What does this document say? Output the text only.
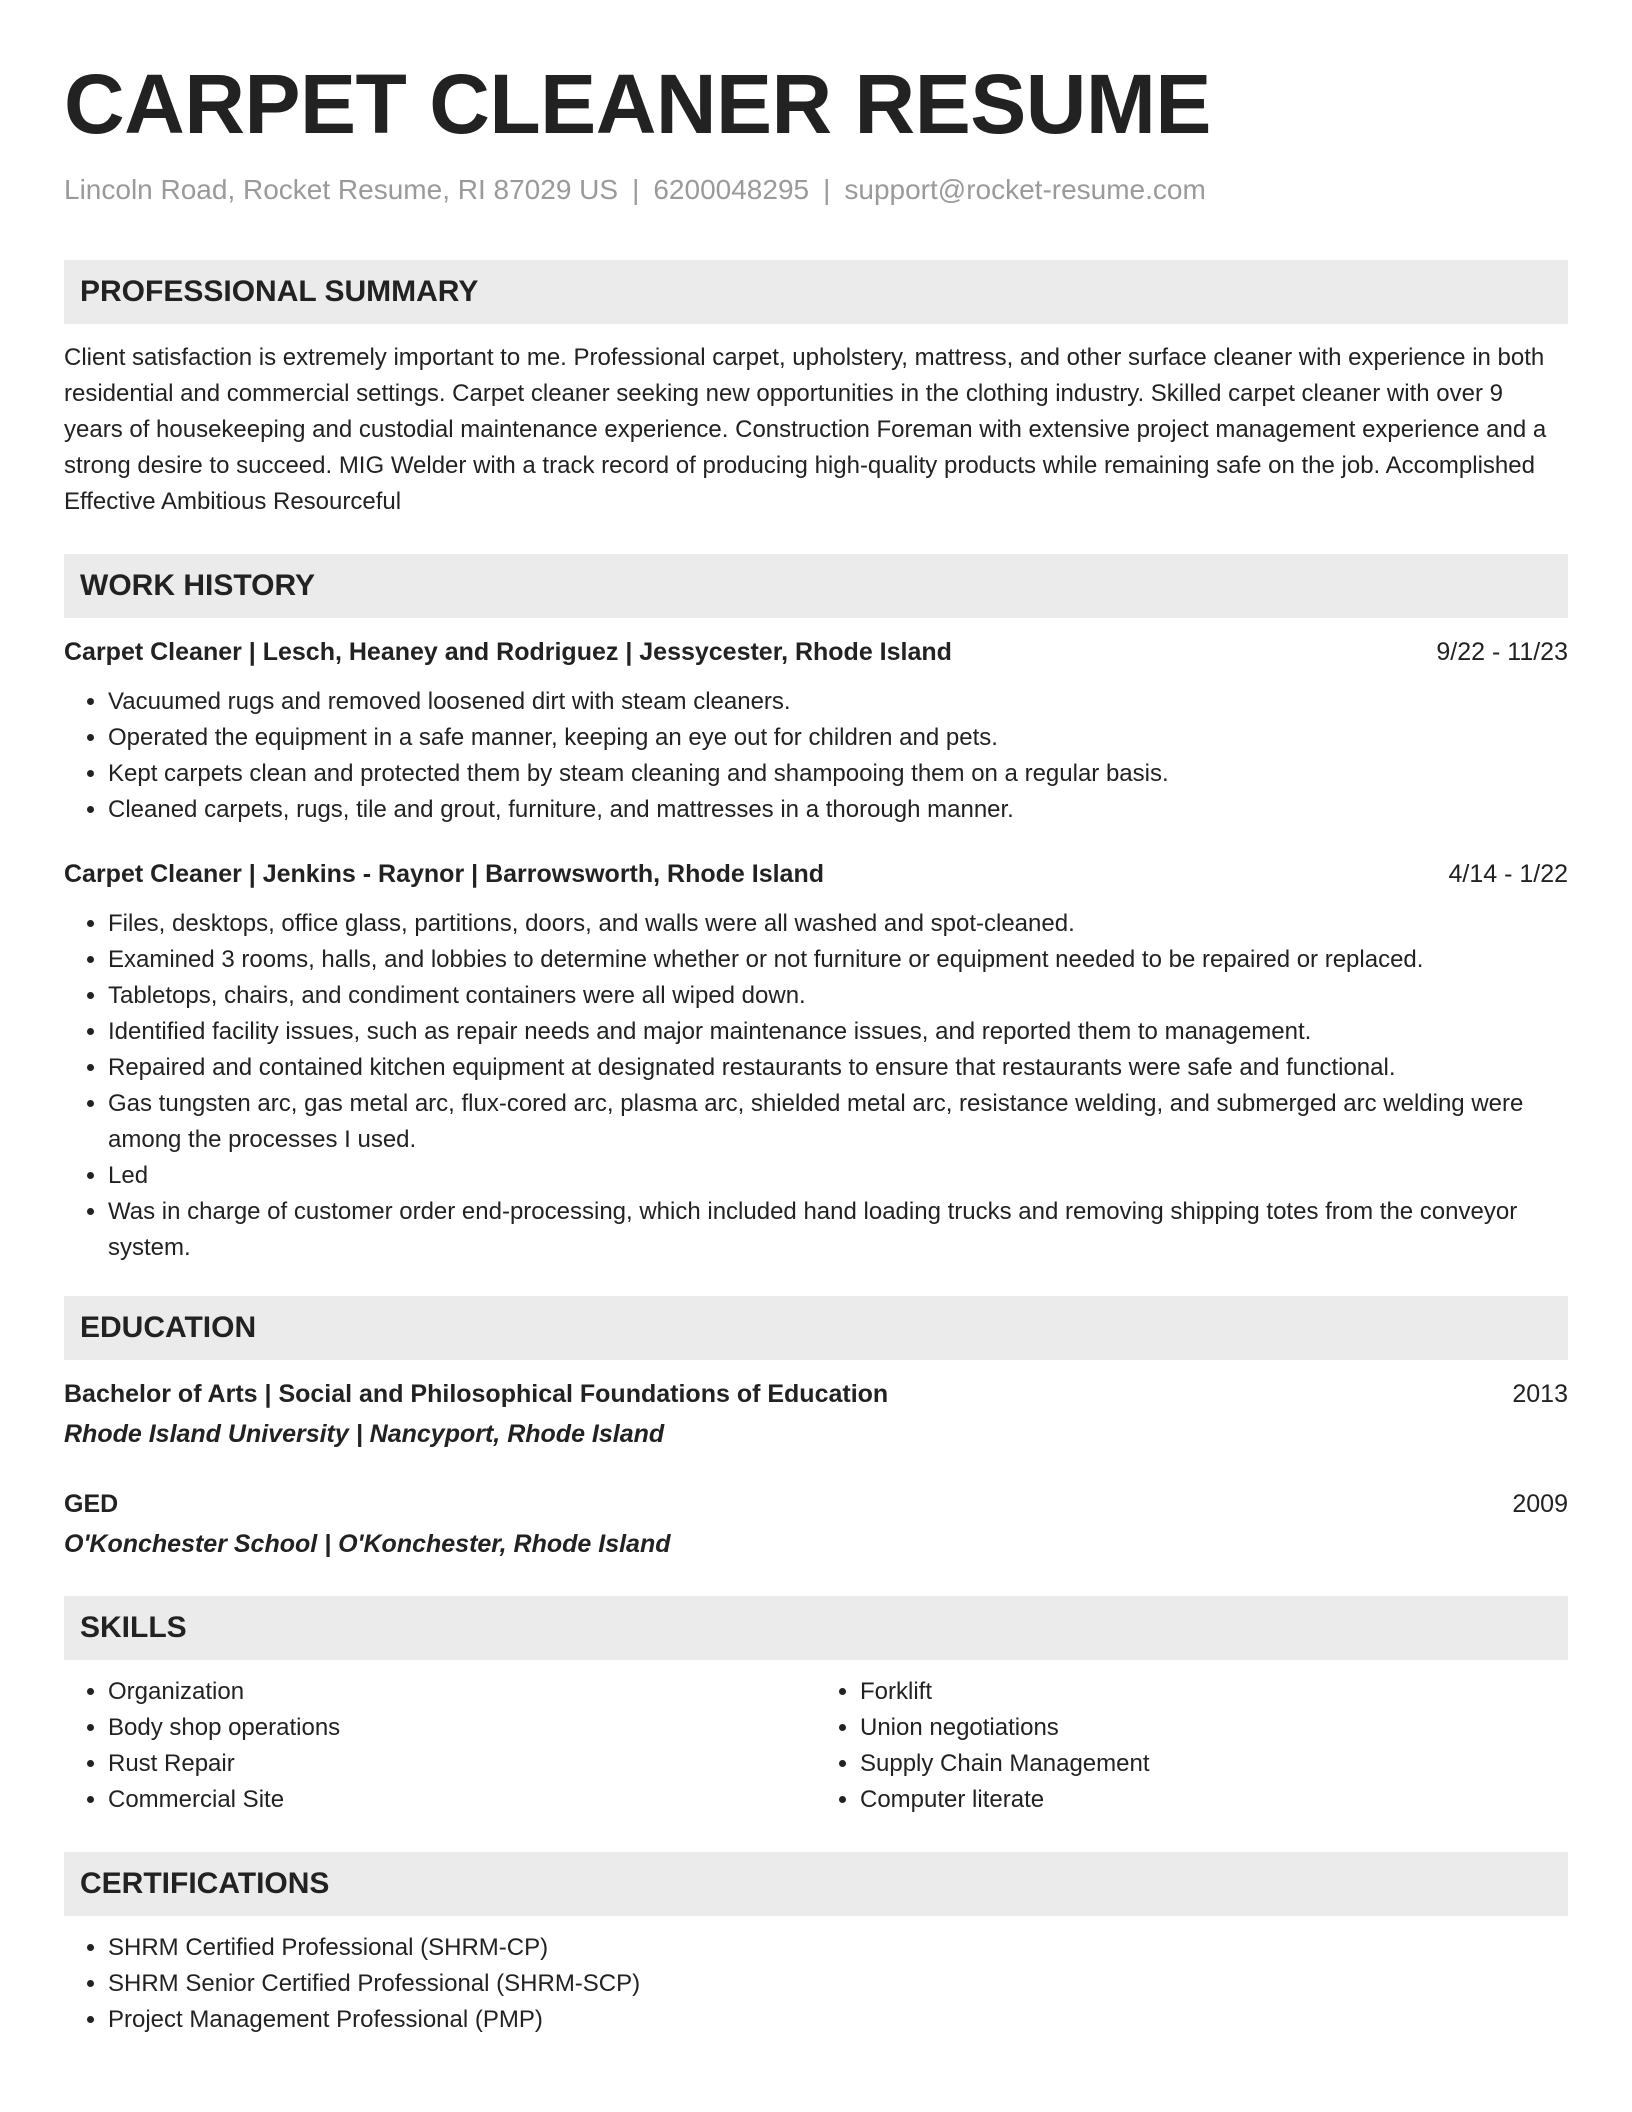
CARPET CLEANER RESUME
Lincoln Road, Rocket Resume, RI 87029 US | 6200048295 | support@rocket-resume.com
PROFESSIONAL SUMMARY

Client satisfaction is extremely important to me. Professional carpet, upholstery, mattress, and other surface cleaner with experience in both residential and commercial settings. Carpet cleaner seeking new opportunities in the clothing industry. Skilled carpet cleaner with over 9 years of housekeeping and custodial maintenance experience. Construction Foreman with extensive project management experience and a strong desire to succeed. MIG Welder with a track record of producing high-quality products while remaining safe on the job. Accomplished Effective Ambitious Resourceful

WORK HISTORY
Carpet Cleaner | Lesch, Heaney and Rodriguez | Jessycester, Rhode Island	9/22 - 11/23
• Vacuumed rugs and removed loosened dirt with steam cleaners.
• Operated the equipment in a safe manner, keeping an eye out for children and pets.
• Kept carpets clean and protected them by steam cleaning and shampooing them on a regular basis.
• Cleaned carpets, rugs, tile and grout, furniture, and mattresses in a thorough manner.
Carpet Cleaner | Jenkins - Raynor | Barrowsworth, Rhode Island	4/14 - 1/22
• Files, desktops, office glass, partitions, doors, and walls were all washed and spot-cleaned.
• Examined 3 rooms, halls, and lobbies to determine whether or not furniture or equipment needed to be repaired or replaced.
• Tabletops, chairs, and condiment containers were all wiped down.
• Identified facility issues, such as repair needs and major maintenance issues, and reported them to management.
• Repaired and contained kitchen equipment at designated restaurants to ensure that restaurants were safe and functional.
• Gas tungsten arc, gas metal arc, flux-cored arc, plasma arc, shielded metal arc, resistance welding, and submerged arc welding were among the processes I used.
• Led
• Was in charge of customer order end-processing, which included hand loading trucks and removing shipping totes from the conveyor system.
EDUCATION
Bachelor of Arts | Social and Philosophical Foundations of Education	2013
Rhode Island University | Nancyport, Rhode Island
GED	2009
O'Konchester School | O'Konchester, Rhode Island
SKILLS
• Organization
• Body shop operations
• Rust Repair
• Commercial Site
• Forklift
• Union negotiations
• Supply Chain Management
• Computer literate
CERTIFICATIONS
• SHRM Certified Professional (SHRM-CP)
• SHRM Senior Certified Professional (SHRM-SCP)
• Project Management Professional (PMP)
